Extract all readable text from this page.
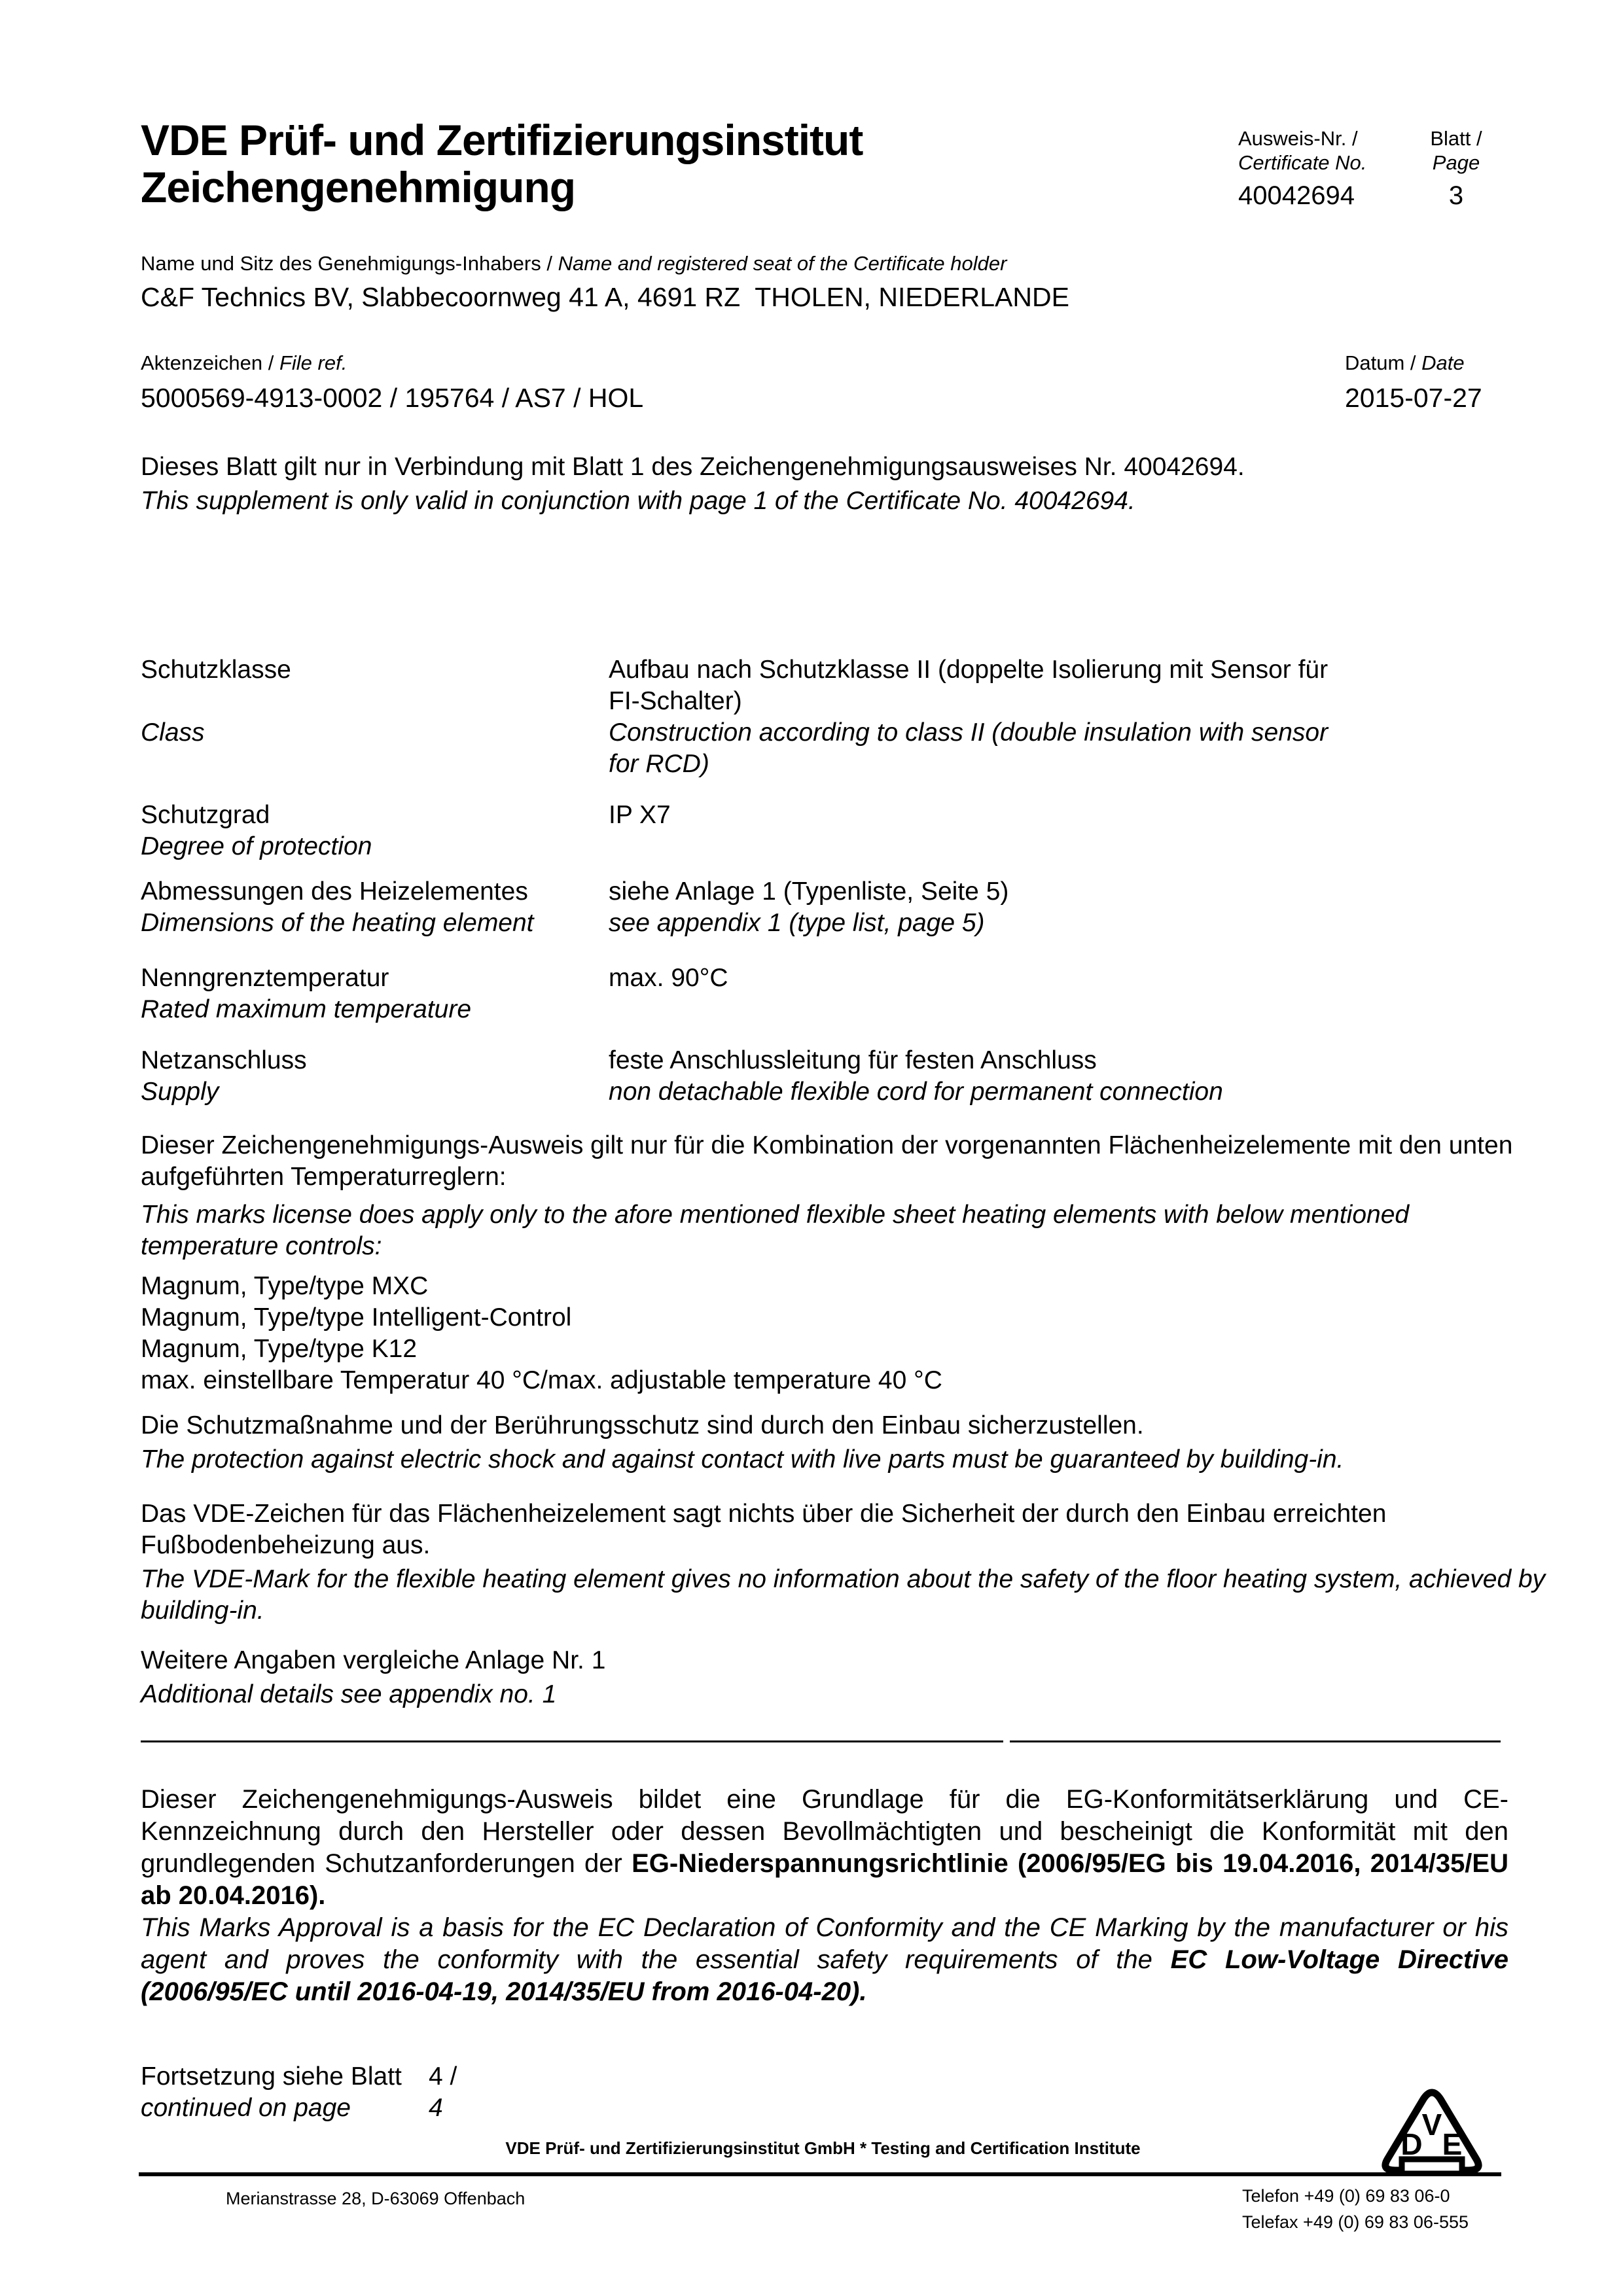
VDE Prüf- und Zertifizierungsinstitut
Zeichengenehmigung
Ausweis-Nr. /
Certificate No.
40042694
Blatt /
Page
3
Name und Sitz des Genehmigungs-Inhabers / Name and registered seat of the Certificate holder
C&F Technics BV, Slabbecoornweg 41 A, 4691 RZ  THOLEN, NIEDERLANDE
Aktenzeichen / File ref.
5000569-4913-0002 / 195764 / AS7 / HOL
Datum / Date
2015-07-27
Dieses Blatt gilt nur in Verbindung mit Blatt 1 des Zeichengenehmigungsausweises Nr. 40042694.
This supplement is only valid in conjunction with page 1 of the Certificate No. 40042694.
Schutzklasse	Aufbau nach Schutzklasse II (doppelte Isolierung mit Sensor für
FI-Schalter)
Class	Construction according to class II (double insulation with sensor
for RCD)
Schutzgrad	IP X7
Degree of protection
Abmessungen des Heizelementes	siehe Anlage 1 (Typenliste, Seite 5)
Dimensions of the heating element	see appendix 1 (type list, page 5)
Nenngrenztemperatur	max. 90°C
Rated maximum temperature
Netzanschluss	feste Anschlussleitung für festen Anschluss
Supply	non detachable flexible cord for permanent connection
Dieser Zeichengenehmigungs-Ausweis gilt nur für die Kombination der vorgenannten Flächenheizelemente mit den unten
aufgeführten Temperaturreglern:
This marks license does apply only to the afore mentioned flexible sheet heating elements with below mentioned
temperature controls:
Magnum, Type/type MXC
Magnum, Type/type Intelligent-Control
Magnum, Type/type K12
max. einstellbare Temperatur 40 °C/max. adjustable temperature 40 °C
Die Schutzmaßnahme und der Berührungsschutz sind durch den Einbau sicherzustellen.
The protection against electric shock and against contact with live parts must be guaranteed by building-in.
Das VDE-Zeichen für das Flächenheizelement sagt nichts über die Sicherheit der durch den Einbau erreichten
Fußbodenbeheizung aus.
The VDE-Mark for the flexible heating element gives no information about the safety of the floor heating system, achieved by
building-in.
Weitere Angaben vergleiche Anlage Nr. 1
Additional details see appendix no. 1

Dieser Zeichengenehmigungs-Ausweis bildet eine Grundlage für die EG-Konformitätserklärung und CE-Kennzeichnung durch den Hersteller oder dessen Bevollmächtigten und bescheinigt die Konformität mit den grundlegenden Schutzanforderungen der EG-Niederspannungsrichtlinie (2006/95/EG bis 19.04.2016, 2014/35/EU ab 20.04.2016).

This Marks Approval is a basis for the EC Declaration of Conformity and the CE Marking by the manufacturer or his agent and proves the conformity with the essential safety requirements of the EC Low-Voltage Directive (2006/95/EC until 2016-04-19, 2014/35/EU from 2016-04-20).

Fortsetzung siehe Blatt	4 /
continued on page	4
VDE Prüf- und Zertifizierungsinstitut GmbH * Testing and Certification Institute
V
D E
Merianstrasse 28, D-63069 Offenbach	Telefon +49 (0) 69 83 06-0
Telefax +49 (0) 69 83 06-555
